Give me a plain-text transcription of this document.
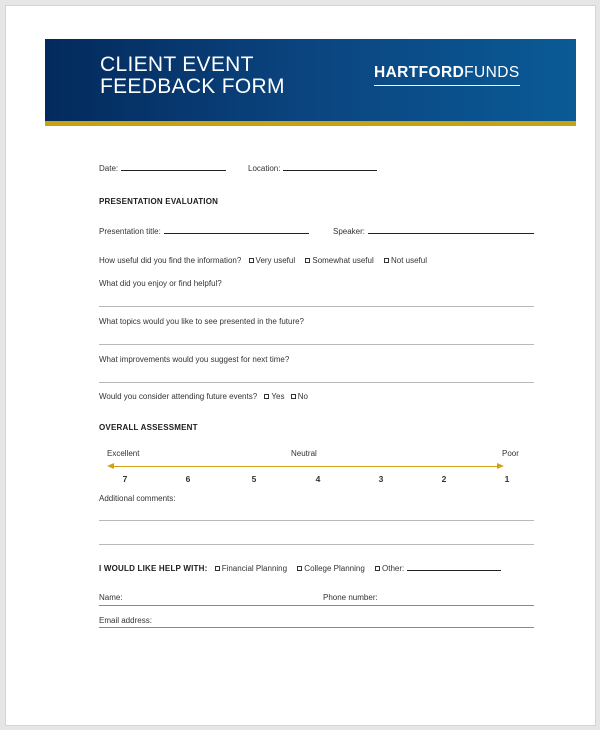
CLIENT EVENT
FEEDBACK FORM
HARTFORDFUNDS
Date:	Location:
PRESENTATION EVALUATION
Presentation title:	Speaker:
How useful did you find the information? Very useful Somewhat useful Not useful
What did you enjoy or find helpful?
What topics would you like to see presented in the future?
What improvements would you suggest for next time?
Would you consider attending future events? Yes No
OVERALL ASSESSMENT
Excellent	Neutral	Poor
7	6	5	4	3	2	1
Additional comments:
I WOULD LIKE HELP WITH: Financial Planning College Planning Other:
Name:	Phone number:
Email address:
